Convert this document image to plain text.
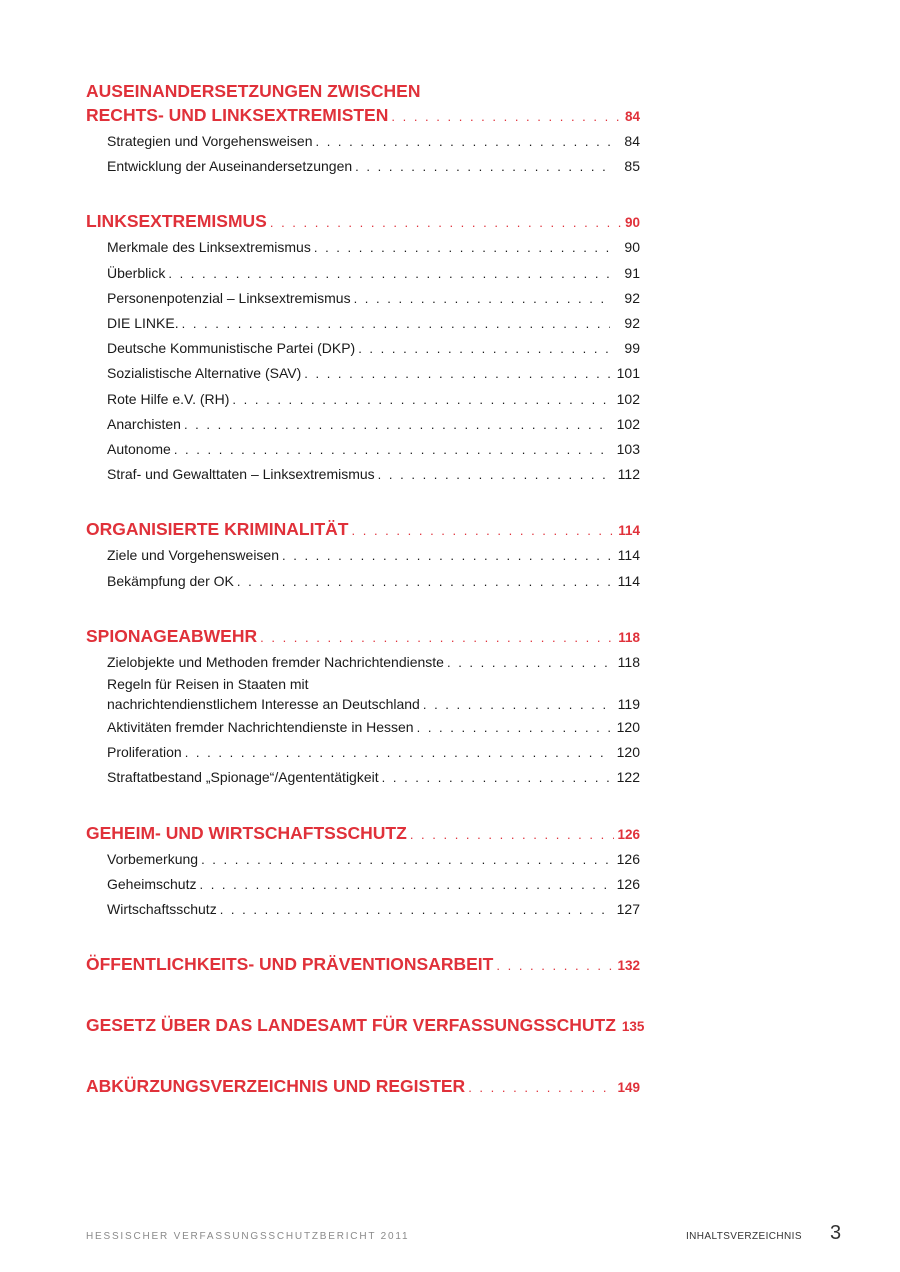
AUSEINANDERSETZUNGEN ZWISCHEN
RECHTS- UND LINKSEXTREMISTEN . . .	84
Strategien und Vorgehensweisen . . .	84
Entwicklung der Auseinandersetzungen . . .	85
LINKSEXTREMISMUS . . .	90
Merkmale des Linksextremismus . . .	90
Überblick . . .	91
Personenpotenzial – Linksextremismus . . .	92
DIE LINKE. . . .	92
Deutsche Kommunistische Partei (DKP) . . .	99
Sozialistische Alternative (SAV) . . .	101
Rote Hilfe e.V. (RH) . . .	102
Anarchisten . . .	102
Autonome . . .	103
Straf- und Gewalttaten – Linksextremismus . . .	112
ORGANISIERTE KRIMINALITÄT . . .	114
Ziele und Vorgehensweisen . . .	114
Bekämpfung der OK . . .	114
SPIONAGEABWEHR . . .	118
Zielobjekte und Methoden fremder Nachrichtendienste . . .	118
Regeln für Reisen in Staaten mit
nachrichtendienstlichem Interesse an Deutschland . . .	119
Aktivitäten fremder Nachrichtendienste in Hessen . . .	120
Proliferation . . .	120
Straftatbestand „Spionage“/Agententätigkeit . . .	122
GEHEIM- UND WIRTSCHAFTSSCHUTZ . . .	126
Vorbemerkung . . .	126
Geheimschutz . . .	126
Wirtschaftsschutz . . .	127
ÖFFENTLICHKEITS- UND PRÄVENTIONSARBEIT . . .	132
GESETZ ÜBER DAS LANDESAMT FÜR VERFASSUNGSSCHUTZ 135
ABKÜRZUNGSVERZEICHNIS UND REGISTER . . .	149
HESSISCHER VERFASSUNGSSCHUTZBERICHT 2011	INHALTSVERZEICHNIS 3
